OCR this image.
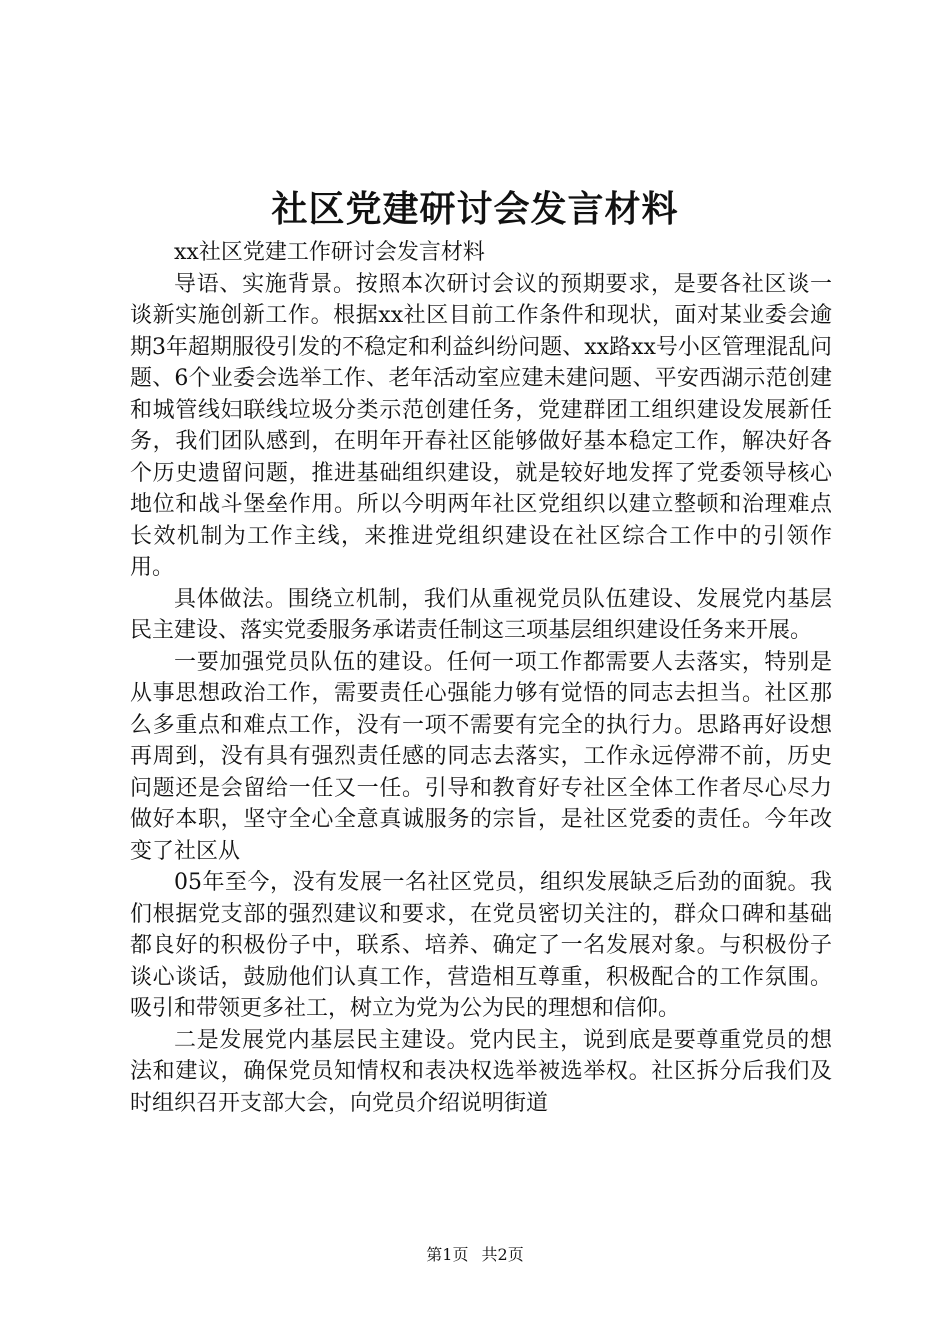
社区党建研讨会发言材料

xx社区党建工作研讨会发言材料

导语、实施背景。按照本次研讨会议的预期要求，是要各社区谈一谈新实施创新工作。根据xx社区目前工作条件和现状，面对某业委会逾期3年超期服役引发的不稳定和利益纠纷问题、xx路xx号小区管理混乱问题、6个业委会选举工作、老年活动室应建未建问题、平安西湖示范创建和城管线妇联线垃圾分类示范创建任务，党建群团工组织建设发展新任务，我们团队感到，在明年开春社区能够做好基本稳定工作，解决好各个历史遗留问题，推进基础组织建设，就是较好地发挥了党委领导核心地位和战斗堡垒作用。所以今明两年社区党组织以建立整顿和治理难点长效机制为工作主线，来推进党组织建设在社区综合工作中的引领作用。

具体做法。围绕立机制，我们从重视党员队伍建设、发展党内基层民主建设、落实党委服务承诺责任制这三项基层组织建设任务来开展。

一要加强党员队伍的建设。任何一项工作都需要人去落实，特别是从事思想政治工作，需要责任心强能力够有觉悟的同志去担当。社区那么多重点和难点工作，没有一项不需要有完全的执行力。思路再好设想再周到，没有具有强烈责任感的同志去落实，工作永远停滞不前，历史问题还是会留给一任又一任。引导和教育好专社区全体工作者尽心尽力做好本职，坚守全心全意真诚服务的宗旨，是社区党委的责任。今年改变了社区从

05年至今，没有发展一名社区党员，组织发展缺乏后劲的面貌。我们根据党支部的强烈建议和要求，在党员密切关注的，群众口碑和基础都良好的积极份子中，联系、培养、确定了一名发展对象。与积极份子谈心谈话，鼓励他们认真工作，营造相互尊重，积极配合的工作氛围。吸引和带领更多社工，树立为党为公为民的理想和信仰。

二是发展党内基层民主建设。党内民主，说到底是要尊重党员的想法和建议，确保党员知情权和表决权选举被选举权。社区拆分后我们及时组织召开支部大会，向党员介绍说明街道

第1页 共2页
